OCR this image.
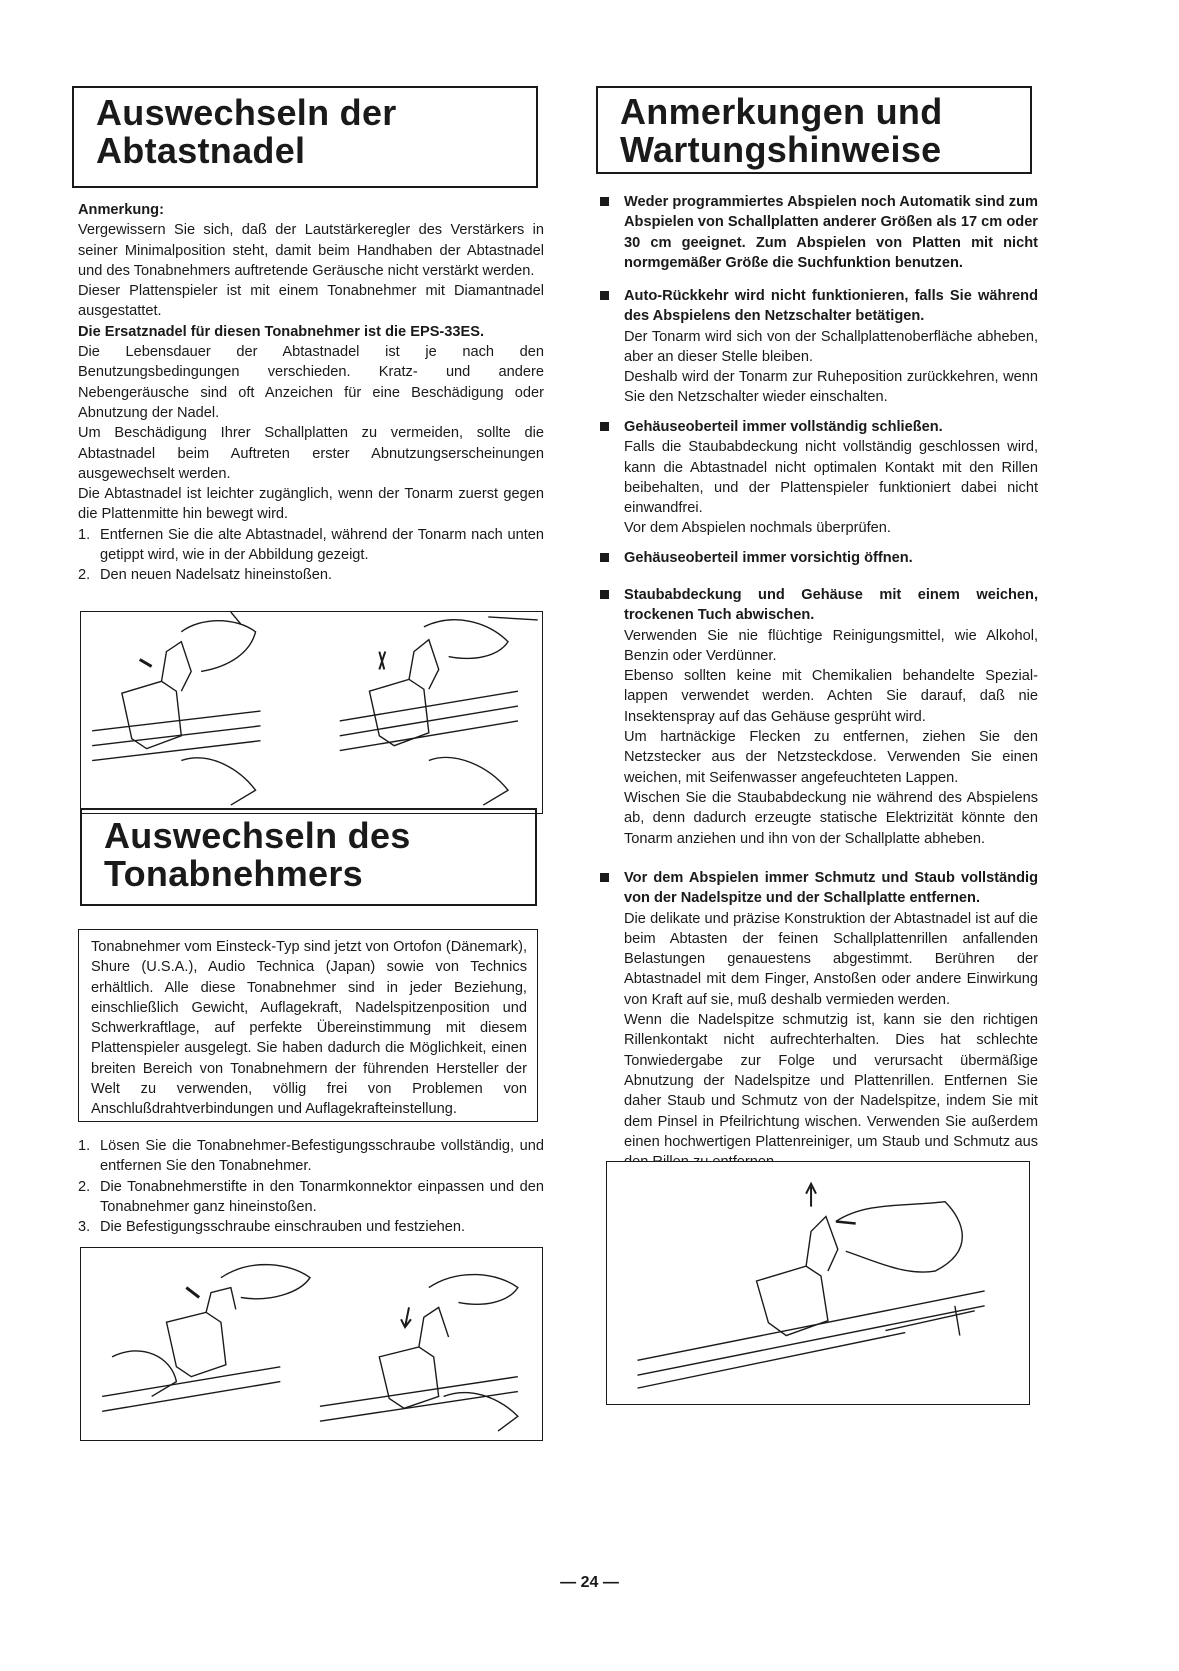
Auswechseln der
Abtastnadel

Anmerkung:

Vergewissern Sie sich, daß der Lautstärkeregler des Verstärkers in seiner Minimalposition steht, damit beim Handhaben der Abtastnadel und des Tonabnehmers auftretende Geräusche nicht verstärkt werden.

Dieser Plattenspieler ist mit einem Tonabnehmer mit Diamantnadel ausgestattet.

Die Ersatznadel für diesen Tonabnehmer ist die EPS-33ES.

Die Lebensdauer der Abtastnadel ist je nach den Benutzungsbedingungen verschieden. Kratz- und andere Nebengeräusche sind oft Anzeichen für eine Beschädigung oder Abnutzung der Nadel.

Um Beschädigung Ihrer Schallplatten zu vermeiden, sollte die Abtastnadel beim Auftreten erster Abnutzungserscheinungen ausgewechselt werden.

Die Abtastnadel ist leichter zugänglich, wenn der Tonarm zuerst gegen die Plattenmitte hin bewegt wird.

1. Entfernen Sie die alte Abtastnadel, während der Tonarm nach unten getippt wird, wie in der Abbildung gezeigt.
2. Den neuen Nadelsatz hineinstoßen.
Auswechseln des
Tonabnehmers

Tonabnehmer vom Einsteck-Typ sind jetzt von Ortofon (Dänemark), Shure (U.S.A.), Audio Technica (Japan) sowie von Technics erhältlich. Alle diese Tonabnehmer sind in jeder Beziehung, einschließlich Gewicht, Auflagekraft, Nadelspitzenposition und Schwerkraftlage, auf perfekte Übereinstimmung mit diesem Plattenspieler ausgelegt. Sie haben dadurch die Möglichkeit, einen breiten Bereich von Tonabnehmern der führenden Hersteller der Welt zu verwenden, völlig frei von Problemen von Anschlußdrahtverbindungen und Auflagekrafteinstellung.

1. Lösen Sie die Tonabnehmer-Befestigungsschraube vollständig, und entfernen Sie den Tonabnehmer.
2. Die Tonabnehmerstifte in den Tonarmkonnektor einpassen und den Tonabnehmer ganz hineinstoßen.
3. Die Befestigungsschraube einschrauben und festziehen.
Anmerkungen und
Wartungshinweise

Weder programmiertes Abspielen noch Automatik sind zum Abspielen von Schallplatten anderer Größen als 17 cm oder 30 cm geeignet. Zum Abspielen von Platten mit nicht normgemäßer Größe die Suchfunktion benutzen.

Auto-Rückkehr wird nicht funktionieren, falls Sie während des Abspielens den Netzschalter betätigen.

Der Tonarm wird sich von der Schallplattenoberfläche abheben, aber an dieser Stelle bleiben.

Deshalb wird der Tonarm zur Ruheposition zurückkehren, wenn Sie den Netzschalter wieder einschalten.

Gehäuseoberteil immer vollständig schließen.

Falls die Staubabdeckung nicht vollständig geschlossen wird, kann die Abtastnadel nicht optimalen Kontakt mit den Rillen beibehalten, und der Plattenspieler funktioniert dabei nicht einwandfrei.

Vor dem Abspielen nochmals überprüfen.

Gehäuseoberteil immer vorsichtig öffnen.

Staubabdeckung und Gehäuse mit einem weichen, trockenen Tuch abwischen.

Verwenden Sie nie flüchtige Reinigungsmittel, wie Alkohol, Benzin oder Verdünner.

Ebenso sollten keine mit Chemikalien behandelte Spezial-lappen verwendet werden. Achten Sie darauf, daß nie Insektenspray auf das Gehäuse gesprüht wird.

Um hartnäckige Flecken zu entfernen, ziehen Sie den Netzstecker aus der Netzsteckdose. Verwenden Sie einen weichen, mit Seifenwasser angefeuchteten Lappen.

Wischen Sie die Staubabdeckung nie während des Abspielens ab, denn dadurch erzeugte statische Elektrizität könnte den Tonarm anziehen und ihn von der Schallplatte abheben.

Vor dem Abspielen immer Schmutz und Staub vollständig von der Nadelspitze und der Schallplatte entfernen.

Die delikate und präzise Konstruktion der Abtastnadel ist auf die beim Abtasten der feinen Schallplattenrillen anfallenden Belastungen genauestens abgestimmt. Berühren der Abtastnadel mit dem Finger, Anstoßen oder andere Einwirkung von Kraft auf sie, muß deshalb vermieden werden.

Wenn die Nadelspitze schmutzig ist, kann sie den richtigen Rillenkontakt nicht aufrechterhalten. Dies hat schlechte Tonwiedergabe zur Folge und verursacht übermäßige Abnutzung der Nadelspitze und Plattenrillen. Entfernen Sie daher Staub und Schmutz von der Nadelspitze, indem Sie mit dem Pinsel in Pfeilrichtung wischen. Verwenden Sie außerdem einen hochwertigen Plattenreiniger, um Staub und Schmutz aus

— 24 —
